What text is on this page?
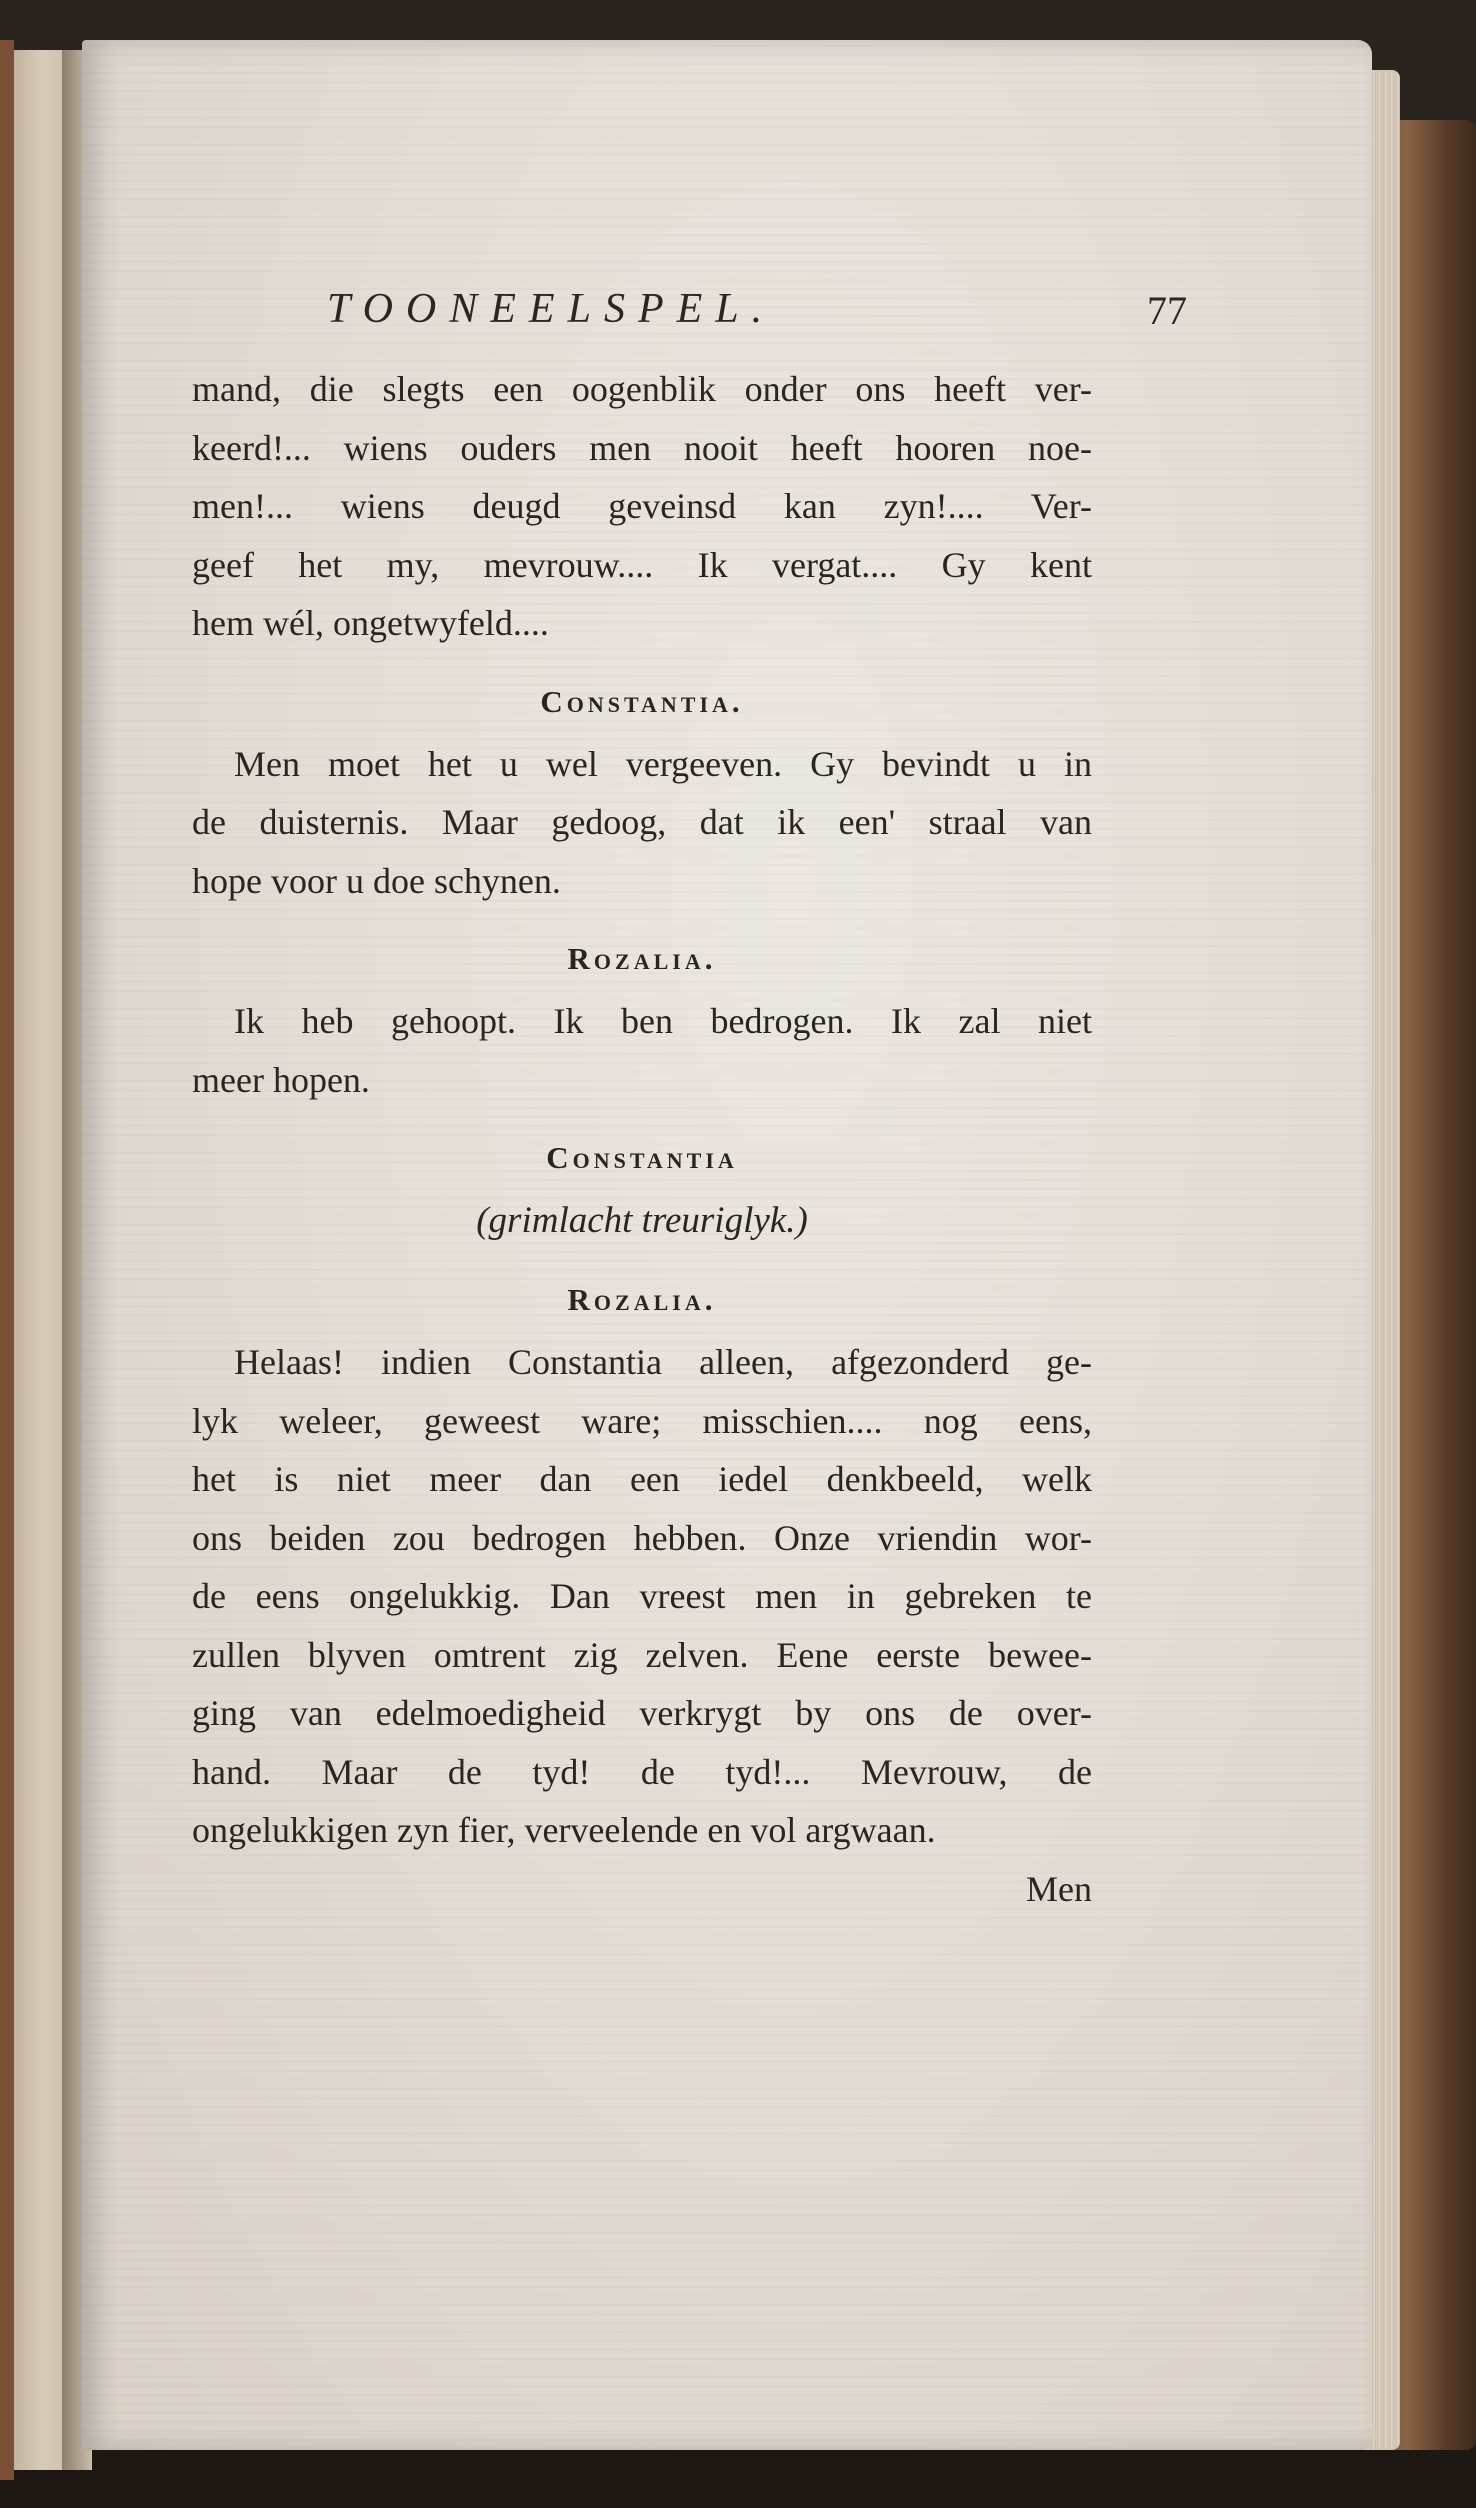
TOONEELSPEL.	77
mand, die slegts een oogenblik onder ons heeft ver-
keerd!... wiens ouders men nooit heeft hooren noe-
men!... wiens deugd geveinsd kan zyn!.... Ver-
geef het my, mevrouw.... Ik vergat.... Gy kent
hem wél, ongetwyfeld....
Constantia.
Men moet het u wel vergeeven. Gy bevindt u in
de duisternis. Maar gedoog, dat ik een' straal van
hope voor u doe schynen.
Rozalia.
Ik heb gehoopt. Ik ben bedrogen. Ik zal niet
meer hopen.
Constantia
(grimlacht treuriglyk.)
Rozalia.
Helaas! indien Constantia alleen, afgezonderd ge-
lyk weleer, geweest ware; misschien.... nog eens,
het is niet meer dan een iedel denkbeeld, welk
ons beiden zou bedrogen hebben. Onze vriendin wor-
de eens ongelukkig. Dan vreest men in gebreken te
zullen blyven omtrent zig zelven. Eene eerste bewee-
ging van edelmoedigheid verkrygt by ons de over-
hand. Maar de tyd! de tyd!... Mevrouw, de
ongelukkigen zyn fier, verveelende en vol argwaan.
Men
